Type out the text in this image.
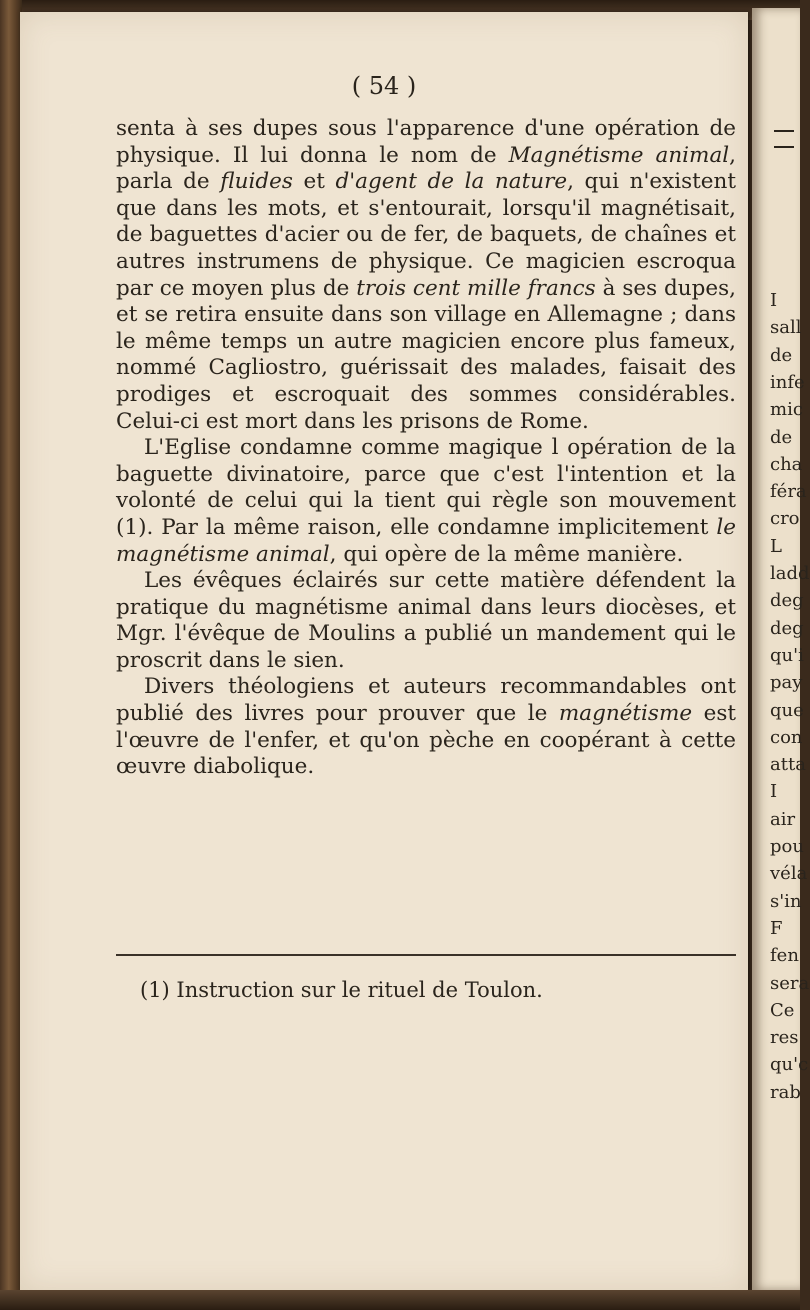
( 54 )

senta à ses dupes sous l'apparence d'une opération de physique. Il lui donna le nom de Magnétisme animal, parla de fluides et d'agent de la nature, qui n'existent que dans les mots, et s'entourait, lorsqu'il magnétisait, de baguettes d'acier ou de fer, de baquets, de chaînes et autres instrumens de physique. Ce magicien escroqua par ce moyen plus de trois cent mille francs à ses dupes, et se retira ensuite dans son village en Allemagne ; dans le même temps un autre magicien encore plus fameux, nommé Cagliostro, guérissait des malades, faisait des prodiges et escroquait des sommes considérables. Celui-ci est mort dans les prisons de Rome.

L'Eglise condamne comme magique l opération de la baguette divinatoire, parce que c'est l'intention et la volonté de celui qui la tient qui règle son mouvement (1). Par la même raison, elle condamne implicitement le magnétisme animal, qui opère de la même manière.

Les évêques éclairés sur cette matière défendent la pratique du magnétisme animal dans leurs diocèses, et Mgr. l'évêque de Moulins a publié un mandement qui le proscrit dans le sien.

Divers théologiens et auteurs recommandables ont publié des livres pour prouver que le magnétisme est l'œuvre de l'enfer, et qu'on pèche en coopérant à cette œuvre diabolique.

(1) Instruction sur le rituel de Toulon.
I
sall
de
infe
mic
de
cha
féra
cro
L
ladd
deg
deg
qu'i
pay
que
con
atta
I
air
pou
véla
s'in
F
fen
sera
Ce
res
qu'c
rab
